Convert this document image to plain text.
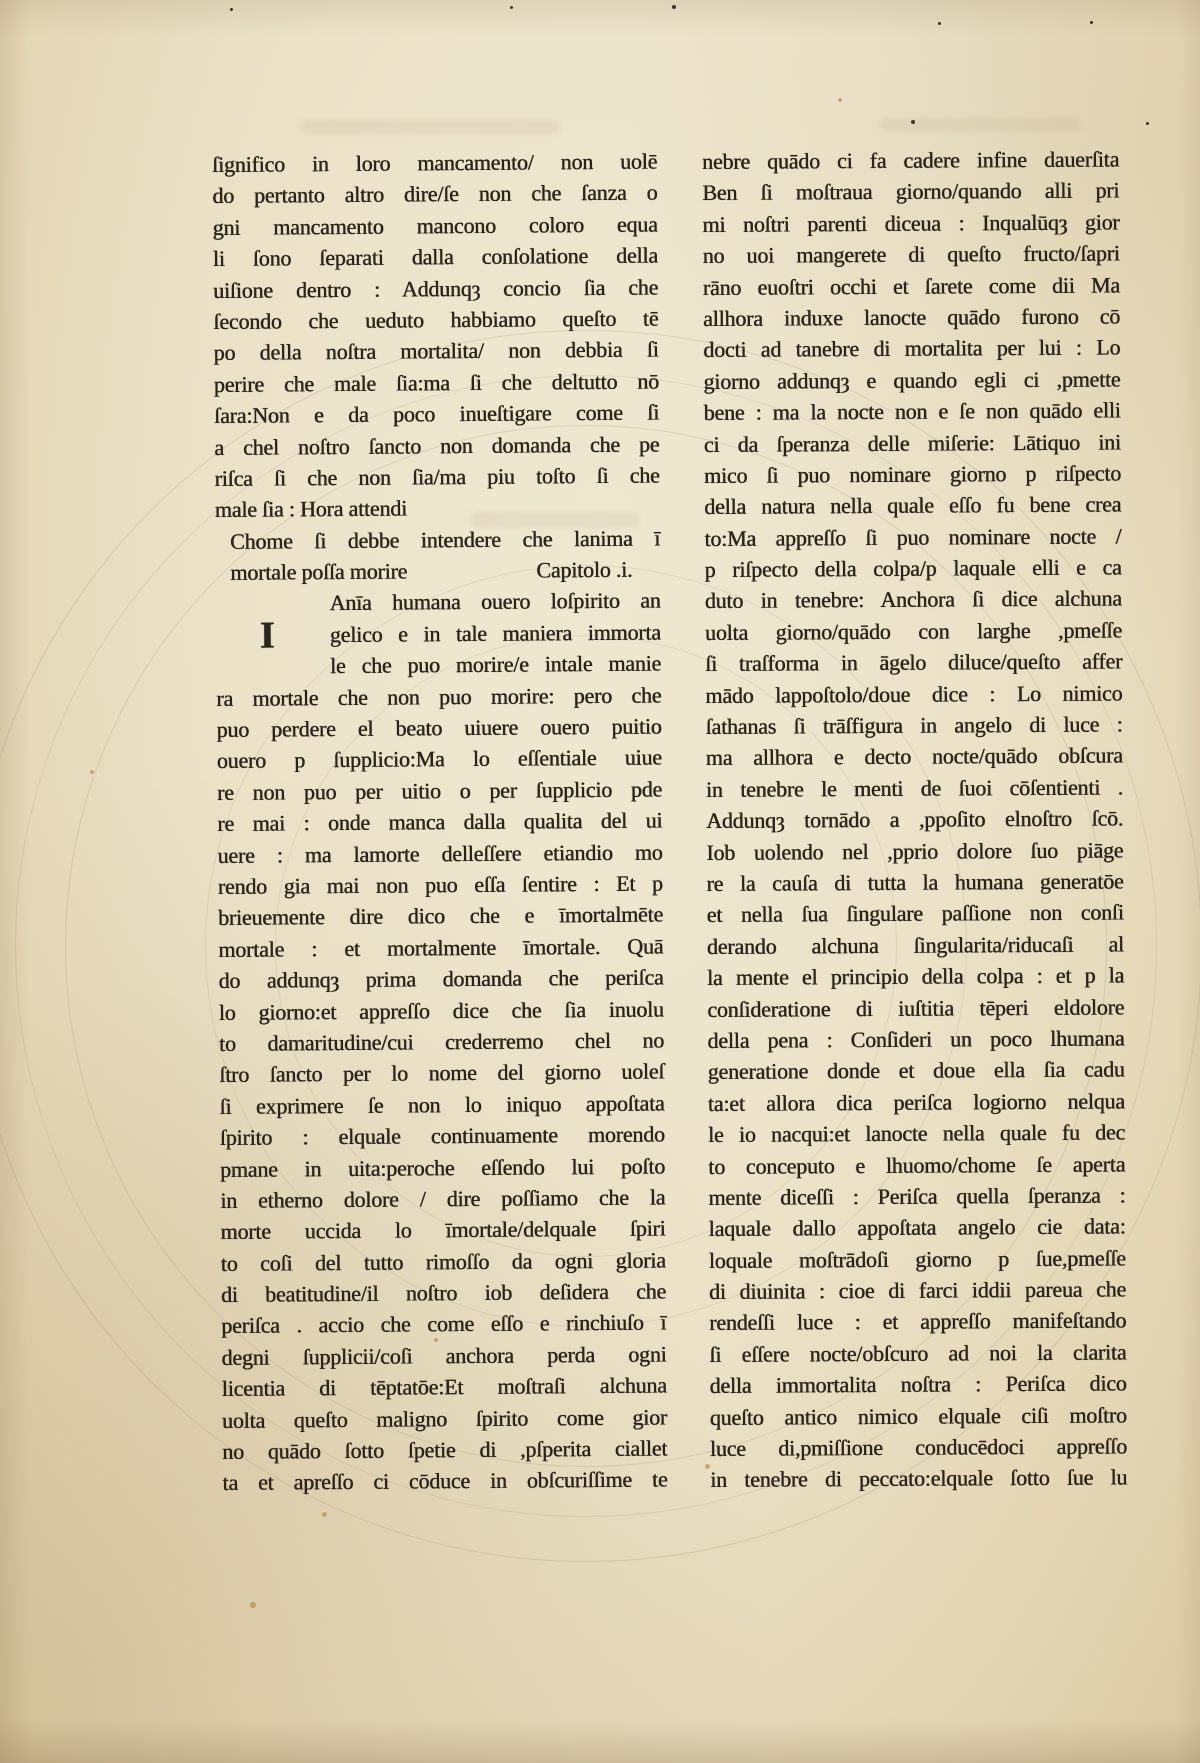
I
ſignifico in loro mancamento/ non uolē
do pertanto altro dire/ſe non che ſanza o
gni mancamento mancono coloro equa
li ſono ſeparati dalla conſolatione della
uiſione dentro : Addunqȝ concio ſia che
ſecondo che ueduto habbiamo queſto tē
po della noſtra mortalita/ non debbia ſi
perire che male ſia:ma ſi che deltutto nō
ſara:Non e da poco inueſtigare come ſi
a chel noſtro ſancto non domanda che pe
riſca ſi che non ſia/ma piu toſto ſi che
male ſia : Hora attendi
Chome ſi debbe intendere che lanima ī
mortale poſſa morire	Capitolo .i.
Anīa humana ouero loſpirito an
gelico e in tale maniera immorta
le che puo morire/e intale manie
ra mortale che non puo morire: pero che
puo perdere el beato uiuere ouero puitio
ouero p ſupplicio:Ma lo eſſentiale uiue
re non puo per uitio o per ſupplicio pde
re mai : onde manca dalla qualita del ui
uere : ma lamorte delleſſere etiandio mo
rendo gia mai non puo eſſa ſentire : Et p
brieuemente dire dico che e īmortalmēte
mortale : et mortalmente īmortale. Quā
do addunqȝ prima domanda che periſca
lo giorno:et appreſſo dice che ſia inuolu
to damaritudine/cui crederremo chel no
ſtro ſancto per lo nome del giorno uoleſ
ſi exprimere ſe non lo iniquo appoſtata
ſpirito : elquale continuamente morendo
pmane in uita:peroche eſſendo lui poſto
in etherno dolore / dire poſſiamo che la
morte uccida lo īmortale/delquale ſpiri
to coſi del tutto rimoſſo da ogni gloria
di beatitudine/il noſtro iob deſidera che
periſca . accio che come eſſo e rinchiuſo ī
degni ſupplicii/coſi anchora perda ogni
licentia di tēptatōe:Et moſtraſi alchuna
uolta queſto maligno ſpirito come gior
no quādo ſotto ſpetie di ,pſperita ciallet
ta et apreſſo ci cōduce in obſcuriſſime te
nebre quādo ci fa cadere infine dauerſita
Ben ſi moſtraua giorno/quando alli pri
mi noſtri parenti diceua : Inqualūqȝ gior
no uoi mangerete di queſto fructo/ſapri
rāno euoſtri occhi et ſarete come dii Ma
allhora induxe lanocte quādo furono cō
docti ad tanebre di mortalita per lui : Lo
giorno addunqȝ e quando egli ci ,pmette
bene : ma la nocte non e ſe non quādo elli
ci da ſperanza delle miſerie: Lātiquo ini
mico ſi puo nominare giorno p riſpecto
della natura nella quale eſſo fu bene crea
to:Ma appreſſo ſi puo nominare nocte /
p riſpecto della colpa/p laquale elli e ca
duto in tenebre: Anchora ſi dice alchuna
uolta giorno/quādo con larghe ,pmeſſe
ſi traſforma in āgelo diluce/queſto affer
mādo lappoſtolo/doue dice : Lo nimico
ſathanas ſi trāſfigura in angelo di luce :
ma allhora e decto nocte/quādo obſcura
in tenebre le menti de ſuoi cōſentienti .
Addunqȝ tornādo a ,ppoſito elnoſtro ſcō.
Iob uolendo nel ,pprio dolore ſuo piāge
re la cauſa di tutta la humana generatōe
et nella ſua ſingulare paſſione non conſi
derando alchuna ſingularita/riducaſi al
la mente el principio della colpa : et p la
conſideratione di iuſtitia tēperi eldolore
della pena : Conſideri un poco lhumana
generatione donde et doue ella ſia cadu
ta:et allora dica periſca logiorno nelqua
le io nacqui:et lanocte nella quale fu dec
to conceputo e lhuomo/chome ſe aperta
mente diceſſi : Periſca quella ſperanza :
laquale dallo appoſtata angelo cie data:
loquale moſtrādoſi giorno p ſue,pmeſſe
di diuinita : cioe di farci iddii pareua che
rendeſſi luce : et appreſſo manifeſtando
ſi eſſere nocte/obſcuro ad noi la clarita
della immortalita noſtra : Periſca dico
queſto antico nimico elquale ciſi moſtro
luce di,pmiſſione conducēdoci appreſſo
in tenebre di peccato:elquale ſotto ſue lu
